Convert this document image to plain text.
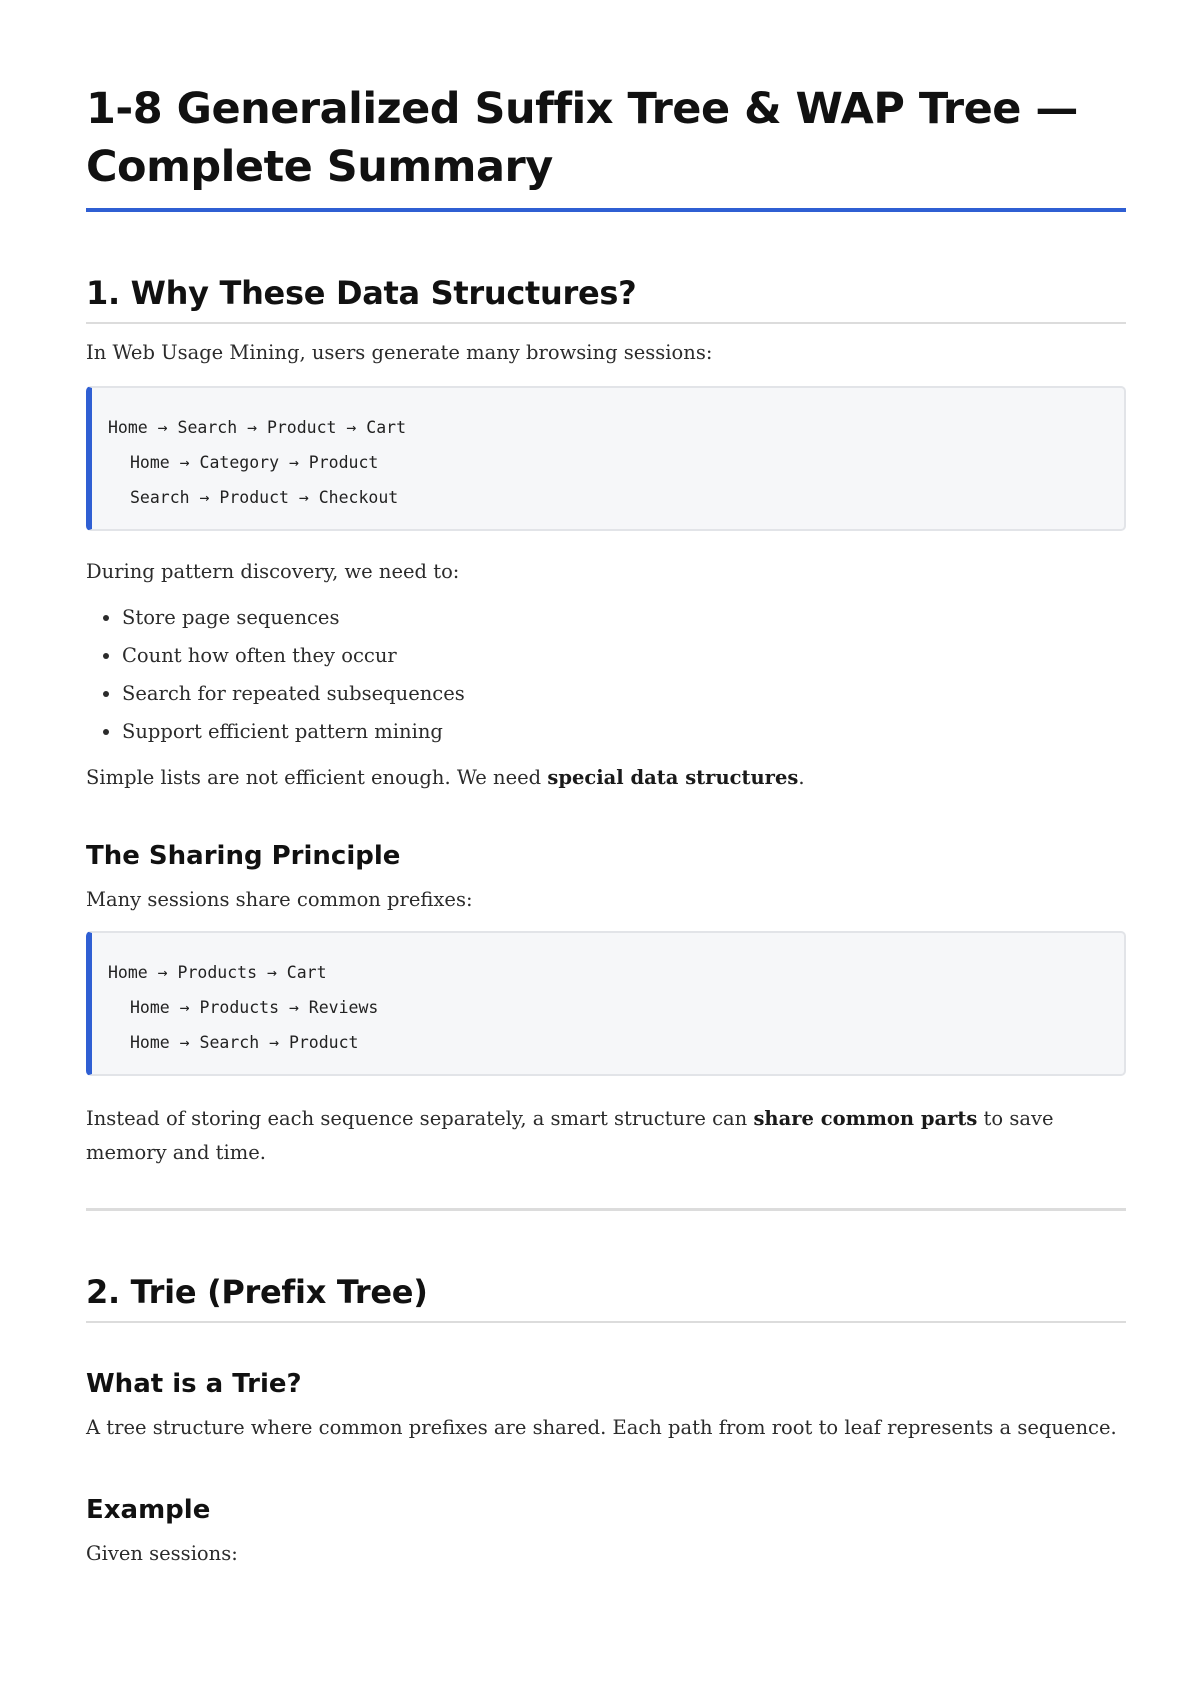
1-8 Generalized Suffix Tree & WAP Tree — Complete Summary
1. Why These Data Structures?

In Web Usage Mining, users generate many browsing sessions:

Home → Search → Product → Cart
Home → Category → Product
Search → Product → Checkout

During pattern discovery, we need to:

• Store page sequences
• Count how often they occur
• Search for repeated subsequences
• Support efficient pattern mining

Simple lists are not efficient enough. We need special data structures.

The Sharing Principle

Many sessions share common prefixes:

Home → Products → Cart
Home → Products → Reviews
Home → Search → Product

Instead of storing each sequence separately, a smart structure can share common parts to save memory and time.

2. Trie (Prefix Tree)
What is a Trie?

A tree structure where common prefixes are shared. Each path from root to leaf represents a sequence.

Example

Given sessions:
